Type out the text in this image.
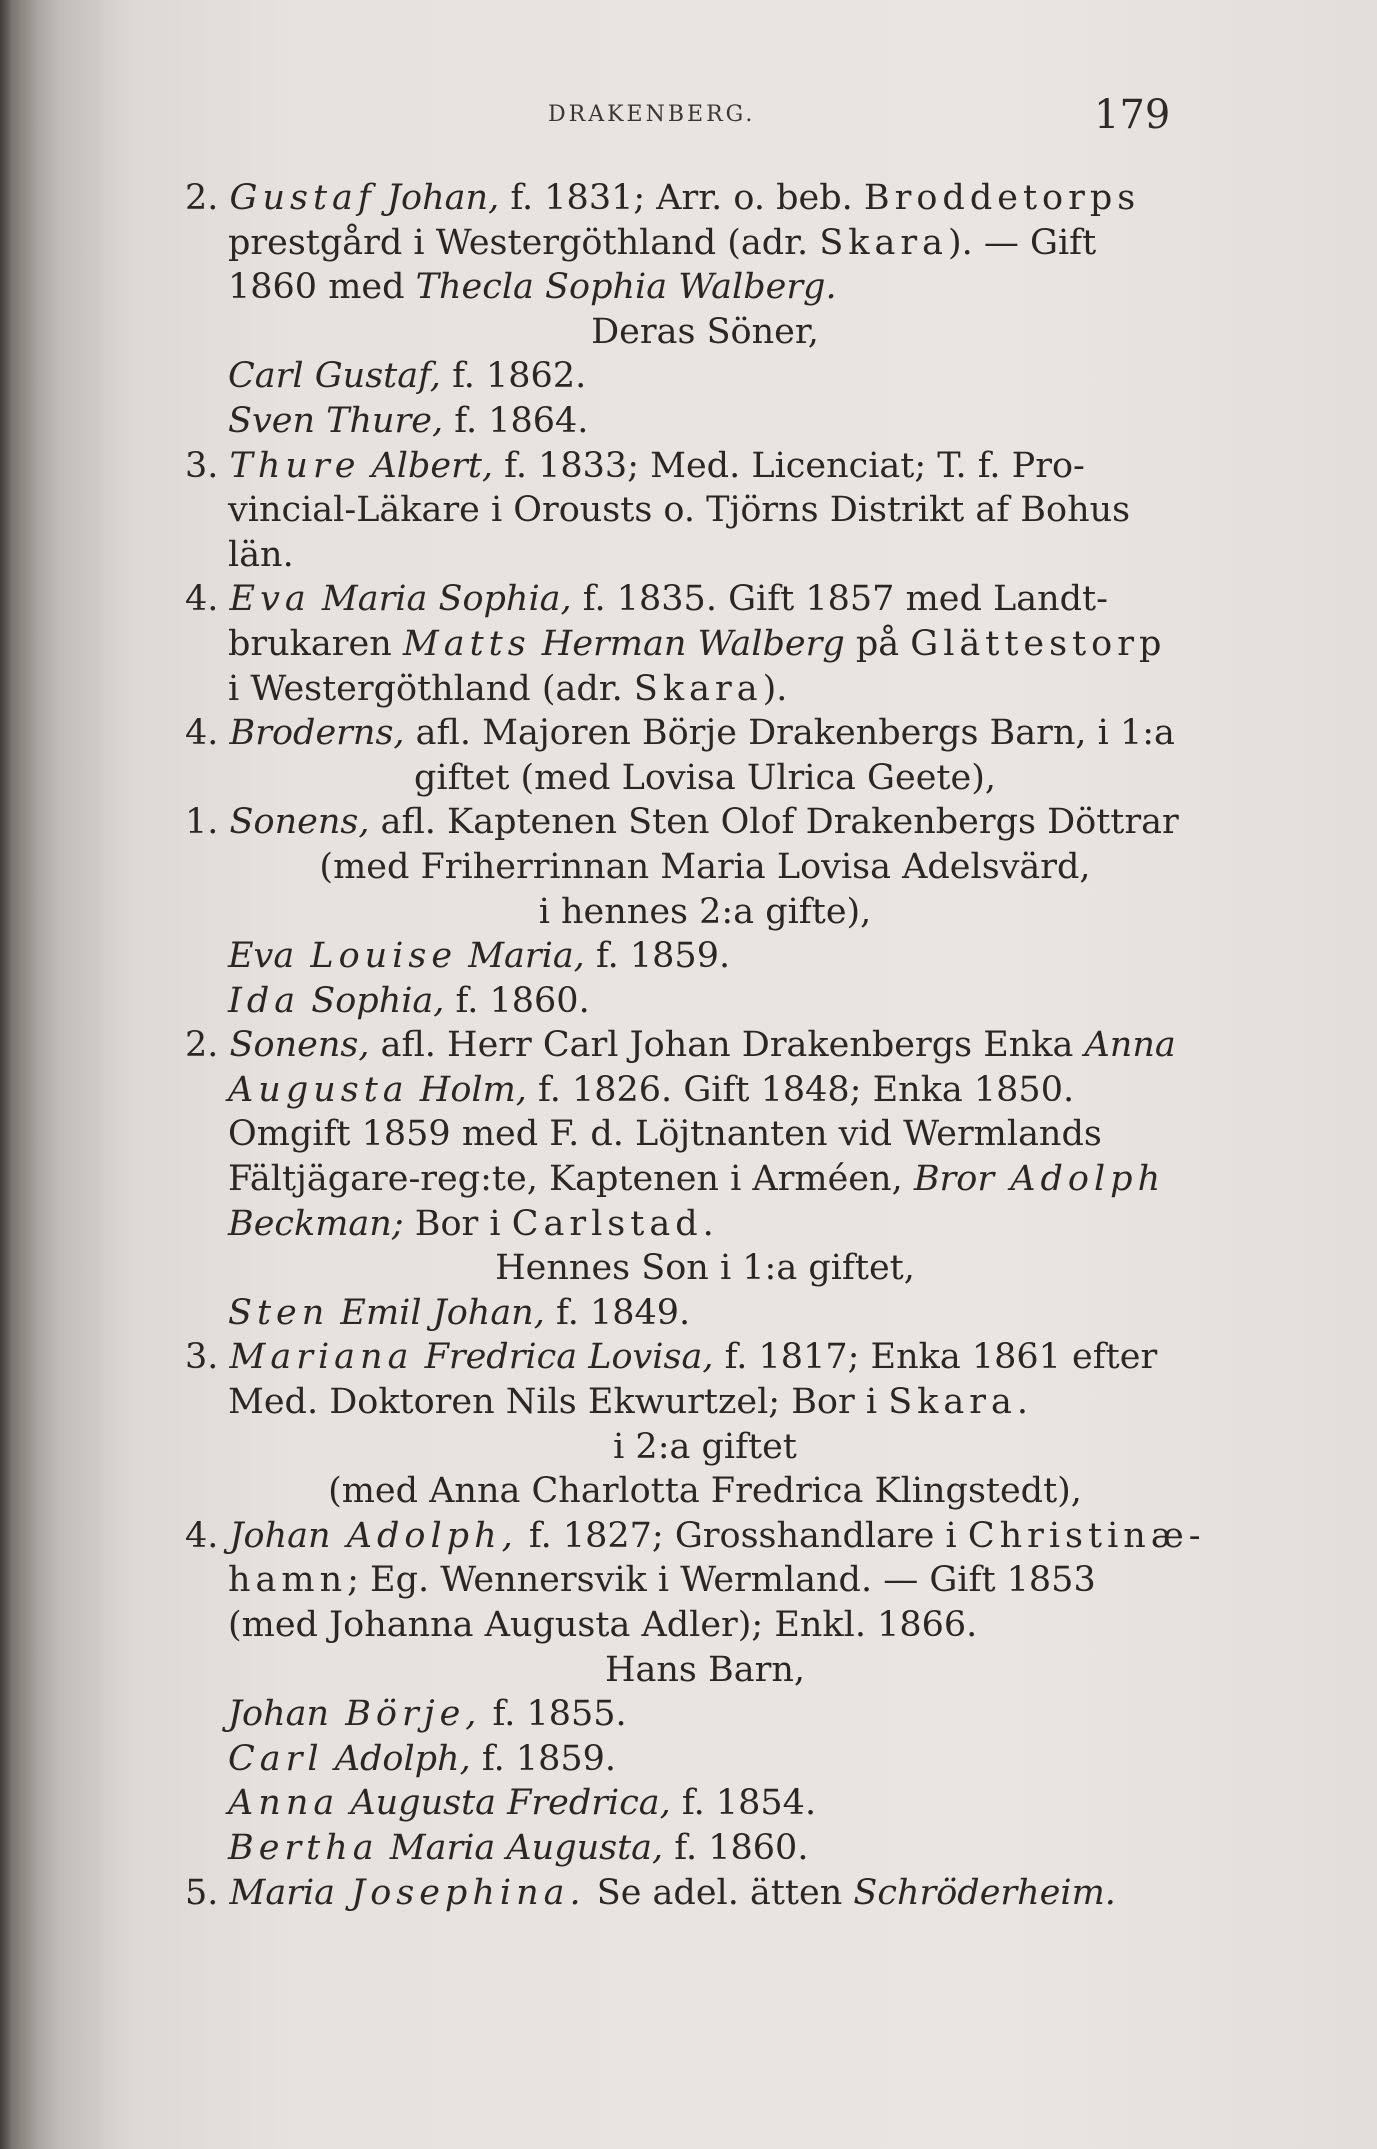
DRAKENBERG.	179
2. Gustaf Johan, f. 1831; Arr. o. beb. Broddetorps
prestgård i Westergöthland (adr. Skara). — Gift
1860 med Thecla Sophia Walberg.
Deras Söner,
Carl Gustaf, f. 1862.
Sven Thure, f. 1864.
3. Thure Albert, f. 1833; Med. Licenciat; T. f. Pro-
vincial-Läkare i Orousts o. Tjörns Distrikt af Bohus
län.
4. Eva Maria Sophia, f. 1835. Gift 1857 med Landt-
brukaren Matts Herman Walberg på Glättestorp
i Westergöthland (adr. Skara).
4. Broderns, afl. Majoren Börje Drakenbergs Barn, i 1:a
giftet (med Lovisa Ulrica Geete),
1. Sonens, afl. Kaptenen Sten Olof Drakenbergs Döttrar
(med Friherrinnan Maria Lovisa Adelsvärd,
i hennes 2:a gifte),
Eva Louise Maria, f. 1859.
Ida Sophia, f. 1860.
2. Sonens, afl. Herr Carl Johan Drakenbergs Enka Anna
Augusta Holm, f. 1826. Gift 1848; Enka 1850.
Omgift 1859 med F. d. Löjtnanten vid Wermlands
Fältjägare-reg:te, Kaptenen i Arméen, Bror Adolph
Beckman; Bor i Carlstad.
Hennes Son i 1:a giftet,
Sten Emil Johan, f. 1849.
3. Mariana Fredrica Lovisa, f. 1817; Enka 1861 efter
Med. Doktoren Nils Ekwurtzel; Bor i Skara.
i 2:a giftet
(med Anna Charlotta Fredrica Klingstedt),
4. Johan Adolph, f. 1827; Grosshandlare i Christinæ-
hamn; Eg. Wennersvik i Wermland. — Gift 1853
(med Johanna Augusta Adler); Enkl. 1866.
Hans Barn,
Johan Börje, f. 1855.
Carl Adolph, f. 1859.
Anna Augusta Fredrica, f. 1854.
Bertha Maria Augusta, f. 1860.
5. Maria Josephina. Se adel. ätten Schröderheim.
